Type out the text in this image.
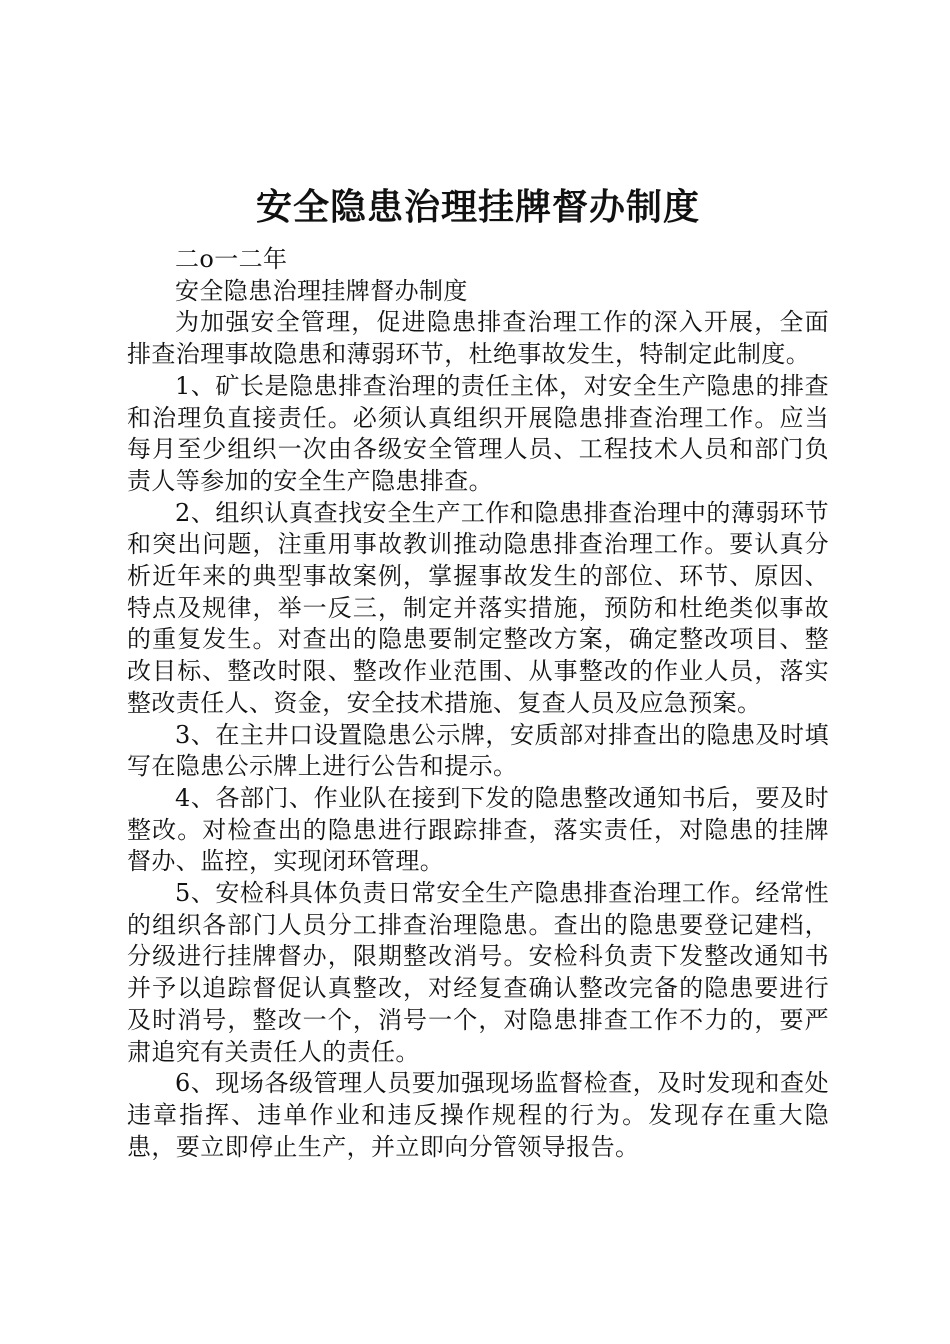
安全隐患治理挂牌督办制度

二o一二年

安全隐患治理挂牌督办制度

为加强安全管理，促进隐患排查治理工作的深入开展，全面排查治理事故隐患和薄弱环节，杜绝事故发生，特制定此制度。

1、矿长是隐患排查治理的责任主体，对安全生产隐患的排查和治理负直接责任。必须认真组织开展隐患排查治理工作。应当每月至少组织一次由各级安全管理人员、工程技术人员和部门负责人等参加的安全生产隐患排查。

2、组织认真查找安全生产工作和隐患排查治理中的薄弱环节和突出问题，注重用事故教训推动隐患排查治理工作。要认真分析近年来的典型事故案例，掌握事故发生的部位、环节、原因、特点及规律，举一反三，制定并落实措施，预防和杜绝类似事故的重复发生。对查出的隐患要制定整改方案，确定整改项目、整改目标、整改时限、整改作业范围、从事整改的作业人员，落实整改责任人、资金，安全技术措施、复查人员及应急预案。

3、在主井口设置隐患公示牌，安质部对排查出的隐患及时填写在隐患公示牌上进行公告和提示。

4、各部门、作业队在接到下发的隐患整改通知书后，要及时整改。对检查出的隐患进行跟踪排查，落实责任，对隐患的挂牌督办、监控，实现闭环管理。

5、安检科具体负责日常安全生产隐患排查治理工作。经常性的组织各部门人员分工排查治理隐患。查出的隐患要登记建档，分级进行挂牌督办，限期整改消号。安检科负责下发整改通知书并予以追踪督促认真整改，对经复查确认整改完备的隐患要进行及时消号，整改一个，消号一个，对隐患排查工作不力的，要严肃追究有关责任人的责任。

6、现场各级管理人员要加强现场监督检查，及时发现和查处违章指挥、违单作业和违反操作规程的行为。发现存在重大隐患，要立即停止生产，并立即向分管领导报告。
